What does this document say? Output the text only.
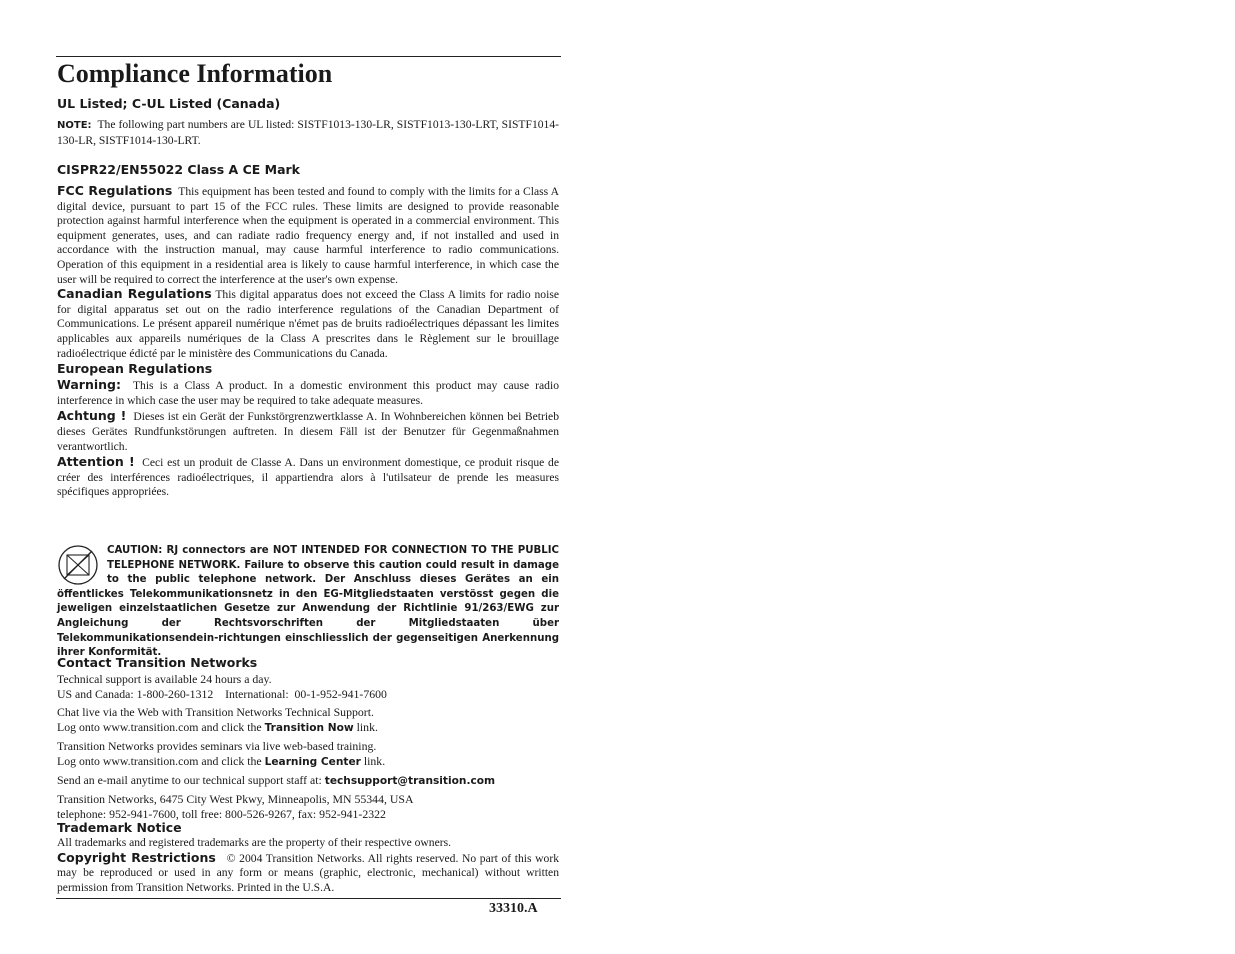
Compliance Information
UL Listed; C-UL Listed (Canada)
NOTE: The following part numbers are UL listed: SISTF1013-130-LR, SISTF1013-130-LRT, SISTF1014-130-LR, SISTF1014-130-LRT.
CISPR22/EN55022 Class A CE Mark
FCC Regulations This equipment has been tested and found to comply with the limits for a Class A digital device, pursuant to part 15 of the FCC rules. These limits are designed to provide reasonable protection against harmful interference when the equipment is operated in a commercial environment. This equipment generates, uses, and can radiate radio frequency energy and, if not installed and used in accordance with the instruction manual, may cause harmful interference to radio communications. Operation of this equipment in a residential area is likely to cause harmful interference, in which case the user will be required to correct the interference at the user's own expense.
Canadian Regulations This digital apparatus does not exceed the Class A limits for radio noise for digital apparatus set out on the radio interference regulations of the Canadian Department of Communications. Le présent appareil numérique n'émet pas de bruits radioélectriques dépassant les limites applicables aux appareils numériques de la Class A prescrites dans le Règlement sur le brouillage radioélectrique édicté par le ministère des Communications du Canada.
European Regulations
Warning: This is a Class A product. In a domestic environment this product may cause radio interference in which case the user may be required to take adequate measures.
Achtung ! Dieses ist ein Gerät der Funkstörgrenzwertklasse A. In Wohnbereichen können bei Betrieb dieses Gerätes Rundfunkstörungen auftreten. In diesem Fäll ist der Benutzer für Gegenmaßnahmen verantwortlich.
Attention ! Ceci est un produit de Classe A. Dans un environment domestique, ce produit risque de créer des interférences radioélectriques, il appartiendra alors à l'utilsateur de prende les measures spécifiques appropriées.
CAUTION: RJ connectors are NOT INTENDED FOR CONNECTION TO THE PUBLIC TELEPHONE NETWORK. Failure to observe this caution could result in damage to the public telephone network. Der Anschluss dieses Gerätes an ein öffentlickes Telekommunikationsnetz in den EG-Mitgliedstaaten verstösst gegen die jeweligen einzelstaatlichen Gesetze zur Anwendung der Richtlinie 91/263/EWG zur Angleichung der Rechtsvorschriften der Mitgliedstaaten über Telekommunikationsendein-richtungen einschliesslich der gegenseitigen Anerkennung ihrer Konformität.
Contact Transition Networks
Technical support is available 24 hours a day.
US and Canada: 1-800-260-1312    International:  00-1-952-941-7600
Chat live via the Web with Transition Networks Technical Support.
Log onto www.transition.com and click the Transition Now link.
Transition Networks provides seminars via live web-based training.
Log onto www.transition.com and click the Learning Center link.
Send an e-mail anytime to our technical support staff at: techsupport@transition.com
Transition Networks, 6475 City West Pkwy, Minneapolis, MN 55344, USA
telephone: 952-941-7600, toll free: 800-526-9267, fax: 952-941-2322
Trademark Notice
All trademarks and registered trademarks are the property of their respective owners.
Copyright Restrictions © 2004 Transition Networks. All rights reserved. No part of this work may be reproduced or used in any form or means (graphic, electronic, mechanical) without written permission from Transition Networks. Printed in the U.S.A.
33310.A
